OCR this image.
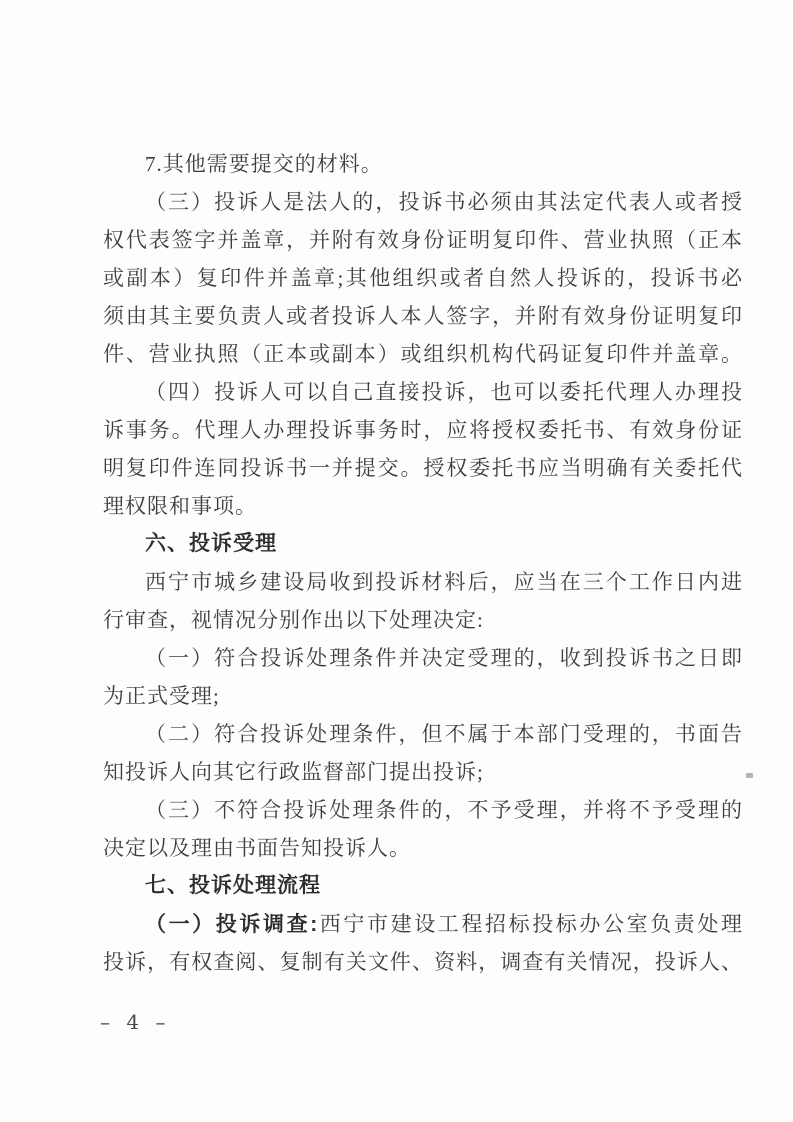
7.其他需要提交的材料。
（三）投诉人是法人的，投诉书必须由其法定代表人或者授
权代表签字并盖章，并附有效身份证明复印件、营业执照（正本
或副本）复印件并盖章;其他组织或者自然人投诉的，投诉书必
须由其主要负责人或者投诉人本人签字，并附有效身份证明复印
件、营业执照（正本或副本）或组织机构代码证复印件并盖章。
（四）投诉人可以自己直接投诉，也可以委托代理人办理投
诉事务。代理人办理投诉事务时，应将授权委托书、有效身份证
明复印件连同投诉书一并提交。授权委托书应当明确有关委托代
理权限和事项。
六、投诉受理
西宁市城乡建设局收到投诉材料后，应当在三个工作日内进
行审查，视情况分别作出以下处理决定:
（一）符合投诉处理条件并决定受理的，收到投诉书之日即
为正式受理;
（二）符合投诉处理条件，但不属于本部门受理的，书面告
知投诉人向其它行政监督部门提出投诉;
（三）不符合投诉处理条件的，不予受理，并将不予受理的
决定以及理由书面告知投诉人。
七、投诉处理流程
（一）投诉调查:西宁市建设工程招标投标办公室负责处理
投诉，有权查阅、复制有关文件、资料，调查有关情况，投诉人、
– 4 –
